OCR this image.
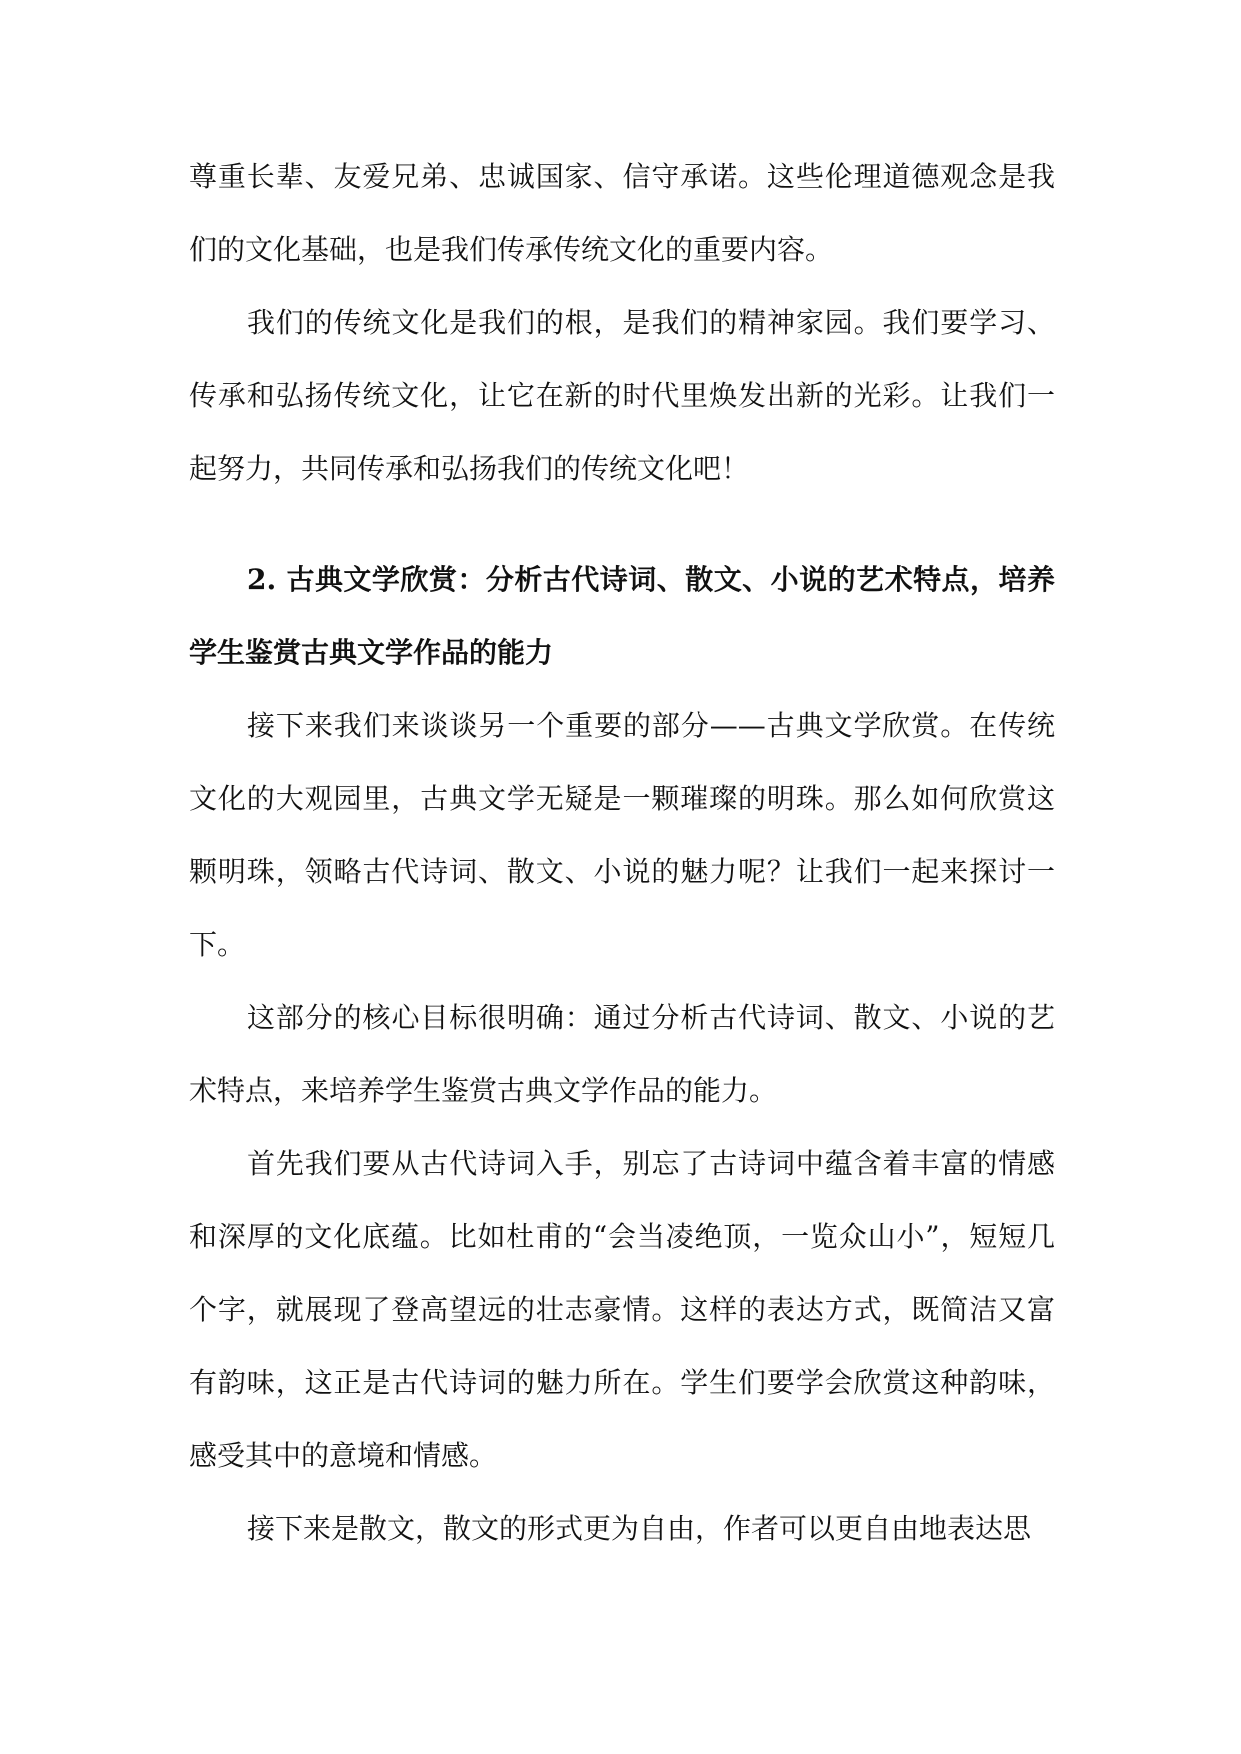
尊重长辈、友爱兄弟、忠诚国家、信守承诺。这些伦理道德观念是我们的文化基础，也是我们传承传统文化的重要内容。

我们的传统文化是我们的根，是我们的精神家园。我们要学习、传承和弘扬传统文化，让它在新的时代里焕发出新的光彩。让我们一起努力，共同传承和弘扬我们的传统文化吧！

2. 古典文学欣赏：分析古代诗词、散文、小说的艺术特点，培养学生鉴赏古典文学作品的能力

接下来我们来谈谈另一个重要的部分——古典文学欣赏。在传统文化的大观园里，古典文学无疑是一颗璀璨的明珠。那么如何欣赏这颗明珠，领略古代诗词、散文、小说的魅力呢？让我们一起来探讨一下。

这部分的核心目标很明确：通过分析古代诗词、散文、小说的艺术特点，来培养学生鉴赏古典文学作品的能力。

首先我们要从古代诗词入手，别忘了古诗词中蕴含着丰富的情感和深厚的文化底蕴。比如杜甫的“会当凌绝顶，一览众山小”，短短几个字，就展现了登高望远的壮志豪情。这样的表达方式，既简洁又富有韵味，这正是古代诗词的魅力所在。学生们要学会欣赏这种韵味，感受其中的意境和情感。

接下来是散文，散文的形式更为自由，作者可以更自由地表达思
